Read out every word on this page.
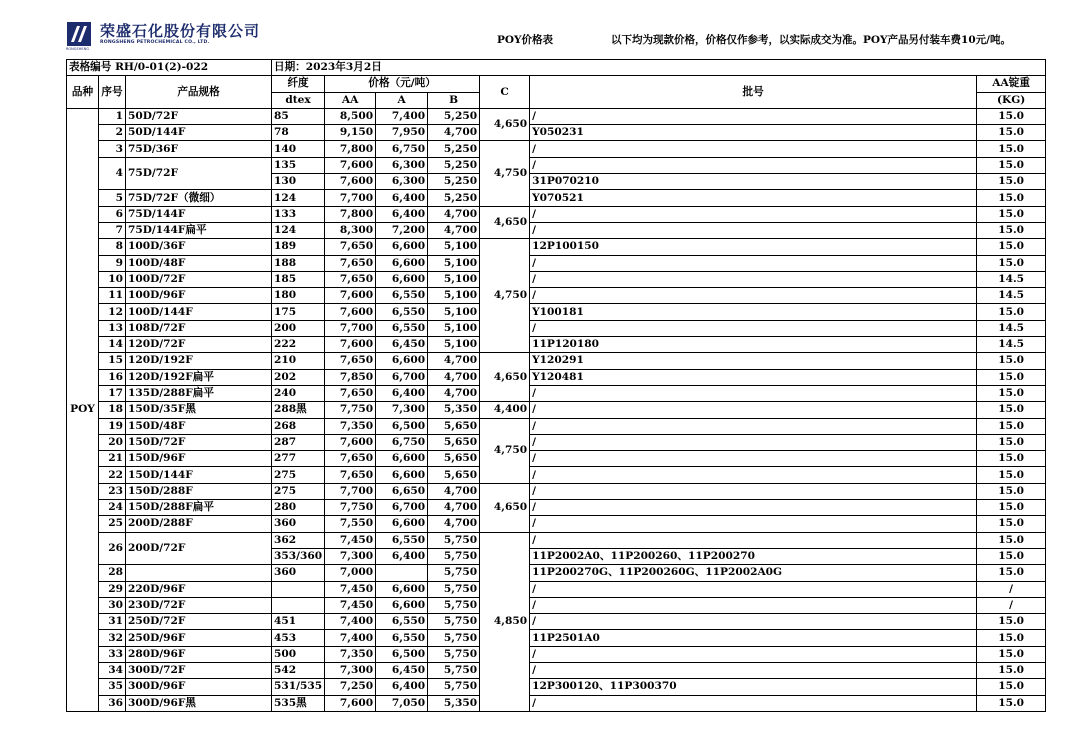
荣盛石化股份有限公司
RONGSHENG PETROCHEMICAL CO., LTD.
RONGSHENG
POY价格表	以下均为现款价格，价格仅作参考，以实际成交为准。POY产品另付装车费10元/吨。
表格编号 RH/0-01(2)-022			日期：2023年3月2日						
品种	序号	产品规格	纤度	价格（元/吨）			C	批号	AA锭重
			dtex	AA	A	B			(KG)
POY	1	50D/72F	85	8,500	7,400	5,250	4,650	/	15.0
	2	50D/144F	78	9,150	7,950	4,700		Y050231	15.0
	3	75D/36F	140	7,800	6,750	5,250	4,750	/	15.0
	4	75D/72F	135	7,600	6,300	5,250		/	15.0
			130	7,600	6,300	5,250		31P070210	15.0
	5	75D/72F（微细）	124	7,700	6,400	5,250		Y070521	15.0
	6	75D/144F	133	7,800	6,400	4,700	4,650	/	15.0
	7	75D/144F扁平	124	8,300	7,200	4,700		/	15.0
	8	100D/36F	189	7,650	6,600	5,100	4,750	12P100150	15.0
	9	100D/48F	188	7,650	6,600	5,100		/	15.0
	10	100D/72F	185	7,650	6,600	5,100		/	14.5
	11	100D/96F	180	7,600	6,550	5,100		/	14.5
	12	100D/144F	175	7,600	6,550	5,100		Y100181	15.0
	13	108D/72F	200	7,700	6,550	5,100		/	14.5
	14	120D/72F	222	7,600	6,450	5,100		11P120180	14.5
	15	120D/192F	210	7,650	6,600	4,700	4,650	Y120291	15.0
	16	120D/192F扁平	202	7,850	6,700	4,700		Y120481	15.0
	17	135D/288F扁平	240	7,650	6,400	4,700		/	15.0
	18	150D/35F黑	288黑	7,750	7,300	5,350	4,400	/	15.0
	19	150D/48F	268	7,350	6,500	5,650	4,750	/	15.0
	20	150D/72F	287	7,600	6,750	5,650		/	15.0
	21	150D/96F	277	7,650	6,600	5,650		/	15.0
	22	150D/144F	275	7,650	6,600	5,650		/	15.0
	23	150D/288F	275	7,700	6,650	4,700	4,650	/	15.0
	24	150D/288F扁平	280	7,750	6,700	4,700		/	15.0
	25	200D/288F	360	7,550	6,600	4,700		/	15.0
	26	200D/72F	362	7,450	6,550	5,750	4,850	/	15.0
			353/360	7,300	6,400	5,750		11P2002A0、11P200260、11P200270	15.0
	28		360	7,000		5,750		11P200270G、11P200260G、11P2002A0G	15.0
	29	220D/96F		7,450	6,600	5,750		/	/
	30	230D/72F		7,450	6,600	5,750		/	/
	31	250D/72F	451	7,400	6,550	5,750		/	15.0
	32	250D/96F	453	7,400	6,550	5,750		11P2501A0	15.0
	33	280D/96F	500	7,350	6,500	5,750		/	15.0
	34	300D/72F	542	7,300	6,450	5,750		/	15.0
	35	300D/96F	531/535	7,250	6,400	5,750		12P300120、11P300370	15.0
	36	300D/96F黑	535黑	7,600	7,050	5,350		/	15.0
